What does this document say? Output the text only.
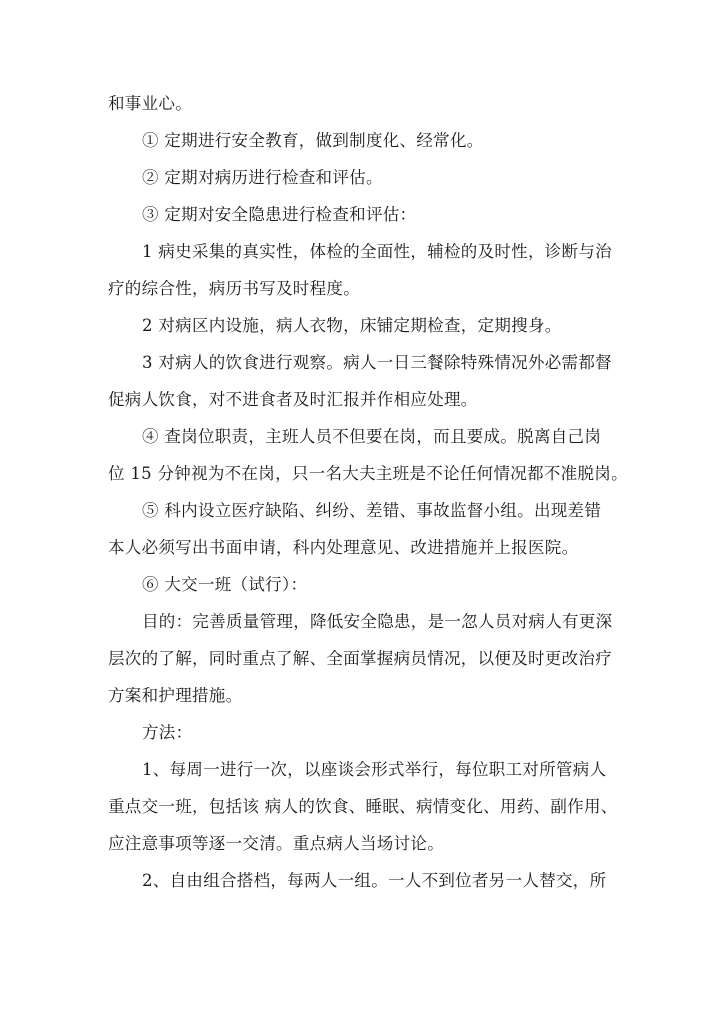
和事业心。
① 定期进行安全教育，做到制度化、经常化。
② 定期对病历进行检查和评估。
③ 定期对安全隐患进行检查和评估：
1 病史采集的真实性，体检的全面性，辅检的及时性，诊断与治
疗的综合性，病历书写及时程度。
2 对病区内设施，病人衣物，床铺定期检查，定期搜身。
3 对病人的饮食进行观察。病人一日三餐除特殊情况外必需都督
促病人饮食，对不进食者及时汇报并作相应处理。
④ 查岗位职责，主班人员不但要在岗，而且要成。脱离自己岗
位 15 分钟视为不在岗，只一名大夫主班是不论任何情况都不准脱岗。
⑤ 科内设立医疗缺陷、纠纷、差错、事故监督小组。出现差错
本人必须写出书面申请，科内处理意见、改进措施并上报医院。
⑥ 大交一班（试行）：
目的：完善质量管理，降低安全隐患，是一忽人员对病人有更深
层次的了解，同时重点了解、全面掌握病员情况，以便及时更改治疗
方案和护理措施。
方法：
1、每周一进行一次，以座谈会形式举行，每位职工对所管病人
重点交一班，包括该 病人的饮食、睡眠、病情变化、用药、副作用、
应注意事项等逐一交清。重点病人当场讨论。
2、自由组合搭档，每两人一组。一人不到位者另一人替交，所
